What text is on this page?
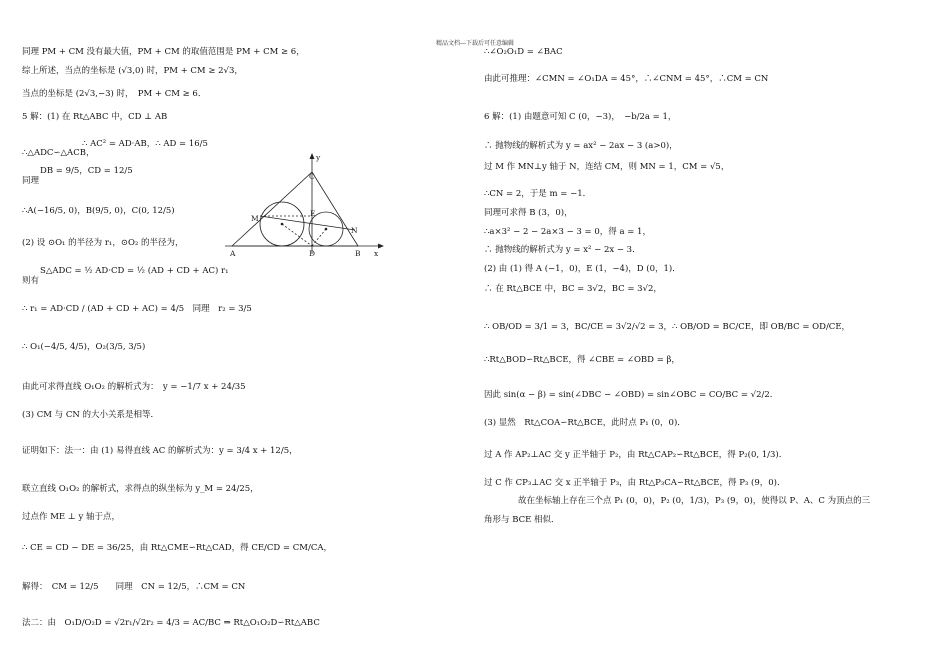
精品文档---下载后可任意编辑
同理 PM + CM 没有最大值，PM + CM 的取值范围是 PM + CM ≥ 6，
综上所述，当点的坐标是 (√3,0) 时，PM + CM ≥ 2√3，
当点的坐标是 (2√3,−3) 时，　PM + CM ≥ 6．
5 解：(1) 在 Rt△ABC 中，CD ⊥ AB
∴ AC² = AD·AB，∴ AD = 16/5
∴△ADC∽△ACB，
DB = 9/5，CD = 12/5
同理
∴A(−16/5, 0)，B(9/5, 0)，C(0, 12/5)
(2) 设 ⊙O₁ 的半径为 r₁，⊙O₂ 的半径为，
S△ADC = ½ AD·CD = ½ (AD + CD + AC) r₁
则有
∴ r₁ = AD·CD / (AD + CD + AC) = 4/5　同理　r₂ = 3/5
∴ O₁(−4/5, 4/5)，O₂(3/5, 3/5)
由此可求得直线 O₁O₂ 的解析式为：　y = −1/7 x + 24/35
(3) CM 与 CN 的大小关系是相等．
证明如下：法一：由 (1) 易得直线 AC 的解析式为：y = 3/4 x + 12/5，
联立直线 O₁O₂ 的解析式，求得点的纵坐标为 y_M = 24/25，
过点作 ME ⊥ y 轴于点，
∴ CE = CD − DE = 36/25，由 Rt△CME∽Rt△CAD，得 CE/CD = CM/CA，
解得：　CM = 12/5　　同理　CN = 12/5，∴CM = CN
法二：由　O₁D/O₂D = √2r₁/√2r₂ = 4/3 = AC/BC ⇒ Rt△O₁O₂D∽Rt△ABC
y
x
C
M
E
N
A	D	B
∴∠O₂O₁D = ∠BAC
由此可推理：∠CMN = ∠O₁DA = 45°，∴∠CNM = 45°，∴CM = CN
6 解：(1) 由题意可知 C (0，−3)，　−b/2a = 1，
∴ 抛物线的解析式为 y = ax² − 2ax − 3 (a>0)，
过 M 作 MN⊥y 轴于 N，连结 CM，则 MN = 1，CM = √5，
∴CN = 2，于是 m = −1．
同理可求得 B (3，0)，
∴a×3² − 2 − 2a×3 − 3 = 0，得 a = 1，
∴ 抛物线的解析式为 y = x² − 2x − 3．
(2) 由 (1) 得 A (−1，0)，E (1，−4)，D (0，1)．
∴ 在 Rt△BCE 中，BC = 3√2，BC = 3√2，
∴ OB/OD = 3/1 = 3，BC/CE = 3√2/√2 = 3，∴ OB/OD = BC/CE，即 OB/BC = OD/CE，
∴Rt△BOD∽Rt△BCE，得 ∠CBE = ∠OBD = β，
因此 sin(α − β) = sin(∠DBC − ∠OBD) = sin∠OBC = CO/BC = √2/2．
(3) 显然　Rt△COA∽Rt△BCE，此时点 P₁ (0，0)．
过 A 作 AP₂⊥AC 交 y 正半轴于 P₂，由 Rt△CAP₂∽Rt△BCE，得 P₂(0, 1/3)．
过 C 作 CP₃⊥AC 交 x 正半轴于 P₃，由 Rt△P₃CA∽Rt△BCE，得 P₃ (9，0)．
故在坐标轴上存在三个点 P₁ (0，0)，P₂ (0，1/3)，P₃ (9，0)，使得以 P、A、C 为顶点的三
角形与 BCE 相似．
